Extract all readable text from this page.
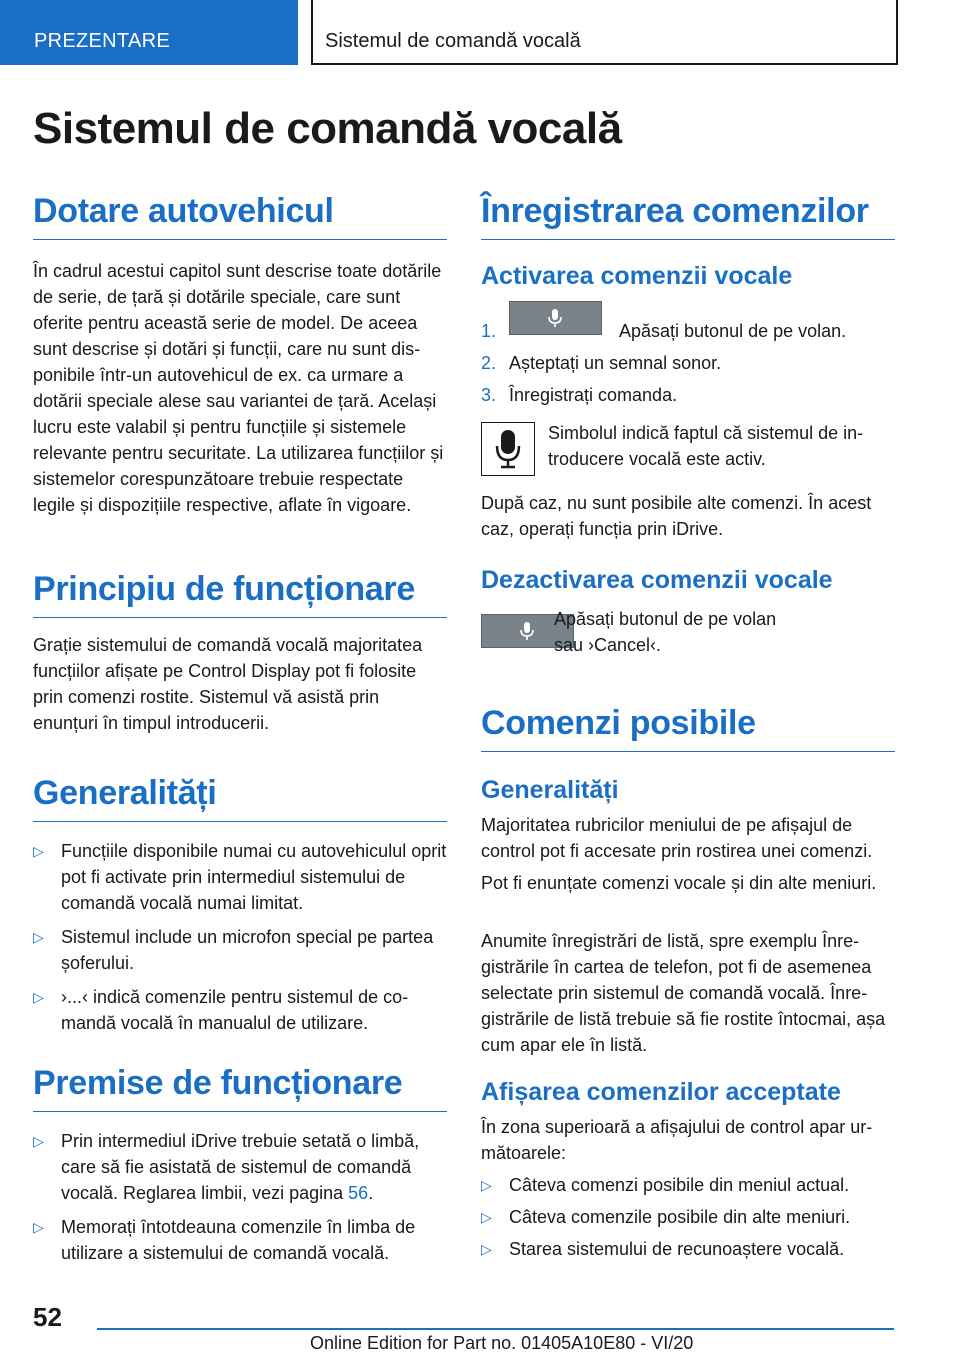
PREZENTARE	Sistemul de comandă vocală
Sistemul de comandă vocală
Dotare autovehicul

În cadrul acestui capitol sunt descrise toate dotările de serie, de țară și dotările speciale, care sunt oferite pentru această serie de model. De aceea sunt descrise și dotări și funcții, care nu sunt disponibile într-un autovehicul de ex. ca urmare a dotării speciale alese sau variantei de țară. Același lucru este valabil și pentru funcțiile și sistemele relevante pentru securitate. La utilizarea funcțiilor și sistemelor corespunzătoare trebuie respectate legile și dispozițiile respective, aflate în vigoare.

Principiu de funcționare

Grație sistemului de comandă vocală majoritatea funcțiilor afișate pe Control Display pot fi folosite prin comenzi rostite. Sistemul vă asistă prin enunțuri în timpul introducerii.

Generalități
▷ Funcțiile disponibile numai cu autovehiculul oprit pot fi activate prin intermediul sistemului de comandă vocală numai limitat.
▷ Sistemul include un microfon special pe partea șoferului.
▷ ›...‹ indică comenzile pentru sistemul de comandă vocală în manualul de utilizare.
Premise de funcționare
▷ Prin intermediul iDrive trebuie setată o limbă, care să fie asistată de sistemul de comandă vocală. Reglarea limbii, vezi pagina 56.
▷ Memorați întotdeauna comenzile în limba de utilizare a sistemului de comandă vocală.
Înregistrarea comenzilor
Activarea comenzii vocale
1.	Apăsați butonul de pe volan.
2. Așteptați un semnal sonor.
3. Înregistrați comanda.

Simbolul indică faptul că sistemul de introducere vocală este activ.

După caz, nu sunt posibile alte comenzi. În acest caz, operați funcția prin iDrive.

Dezactivarea comenzii vocale

Apăsați butonul de pe volan

sau ›Cancel‹.

Comenzi posibile
Generalități

Majoritatea rubricilor meniului de pe afișajul de control pot fi accesate prin rostirea unei comenzi.

Pot fi enunțate comenzi vocale și din alte meniuri.

Anumite înregistrări de listă, spre exemplu Înregistrările în cartea de telefon, pot fi de asemenea selectate prin sistemul de comandă vocală. Înregistrările de listă trebuie să fie rostite întocmai, așa cum apar ele în listă.

Afișarea comenzilor acceptate

În zona superioară a afișajului de control apar următoarele:

▷ Câteva comenzi posibile din meniul actual.
▷ Câteva comenzile posibile din alte meniuri.
▷ Starea sistemului de recunoaștere vocală.
52
Online Edition for Part no. 01405A10E80 - VI/20
